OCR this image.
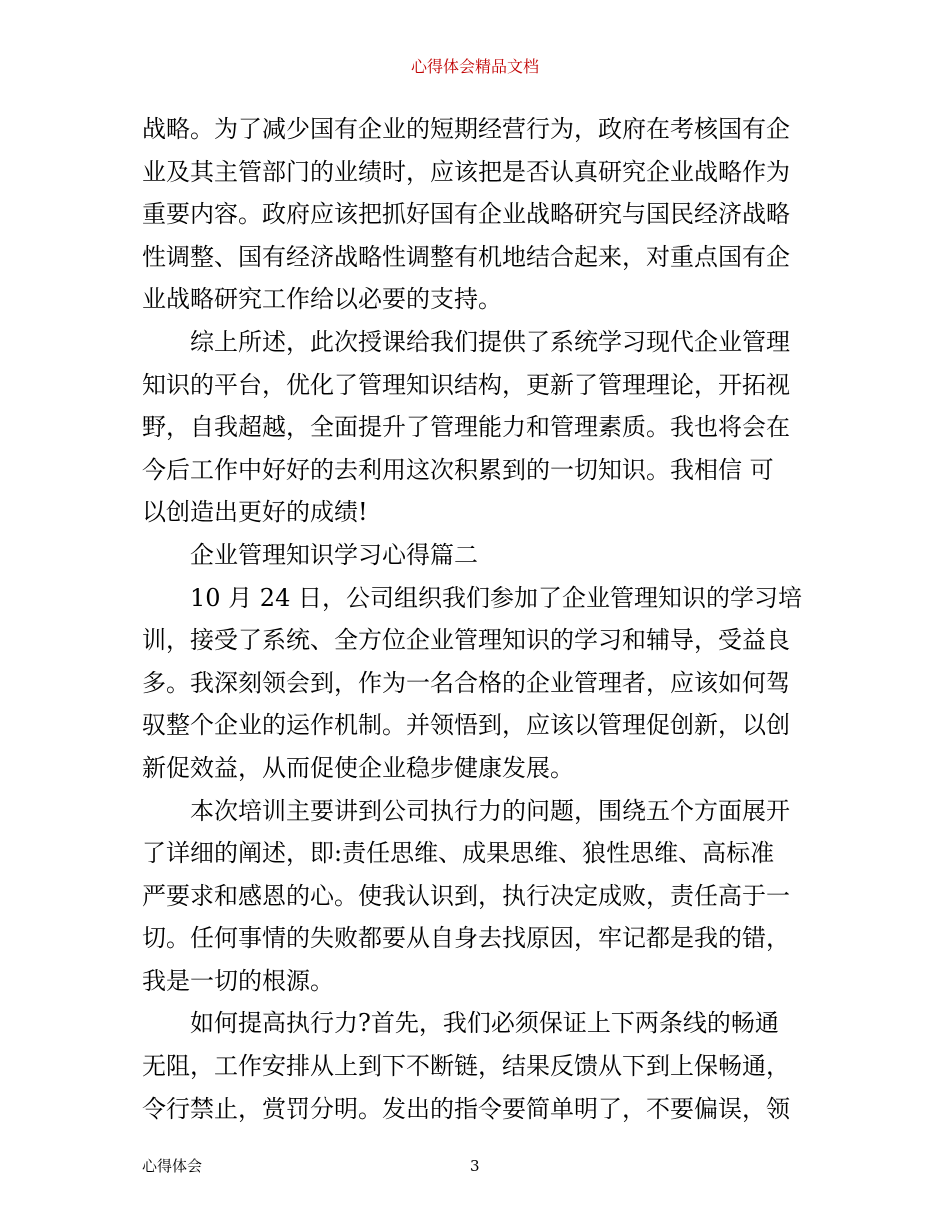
心得体会精品文档
战略。为了减少国有企业的短期经营行为，政府在考核国有企
业及其主管部门的业绩时，应该把是否认真研究企业战略作为
重要内容。政府应该把抓好国有企业战略研究与国民经济战略
性调整、国有经济战略性调整有机地结合起来，对重点国有企
业战略研究工作给以必要的支持。
综上所述，此次授课给我们提供了系统学习现代企业管理
知识的平台，优化了管理知识结构，更新了管理理论，开拓视
野，自我超越，全面提升了管理能力和管理素质。我也将会在
今后工作中好好的去利用这次积累到的一切知识。我相信 可
以创造出更好的成绩!
企业管理知识学习心得篇二
10 月 24 日，公司组织我们参加了企业管理知识的学习培
训，接受了系统、全方位企业管理知识的学习和辅导，受益良
多。我深刻领会到，作为一名合格的企业管理者，应该如何驾
驭整个企业的运作机制。并领悟到，应该以管理促创新，以创
新促效益，从而促使企业稳步健康发展。
本次培训主要讲到公司执行力的问题，围绕五个方面展开
了详细的阐述，即:责任思维、成果思维、狼性思维、高标准
严要求和感恩的心。使我认识到，执行决定成败，责任高于一
切。任何事情的失败都要从自身去找原因，牢记都是我的错，
我是一切的根源。
如何提高执行力?首先，我们必须保证上下两条线的畅通
无阻，工作安排从上到下不断链，结果反馈从下到上保畅通，
令行禁止，赏罚分明。发出的指令要简单明了，不要偏误，领
心得体会	3
